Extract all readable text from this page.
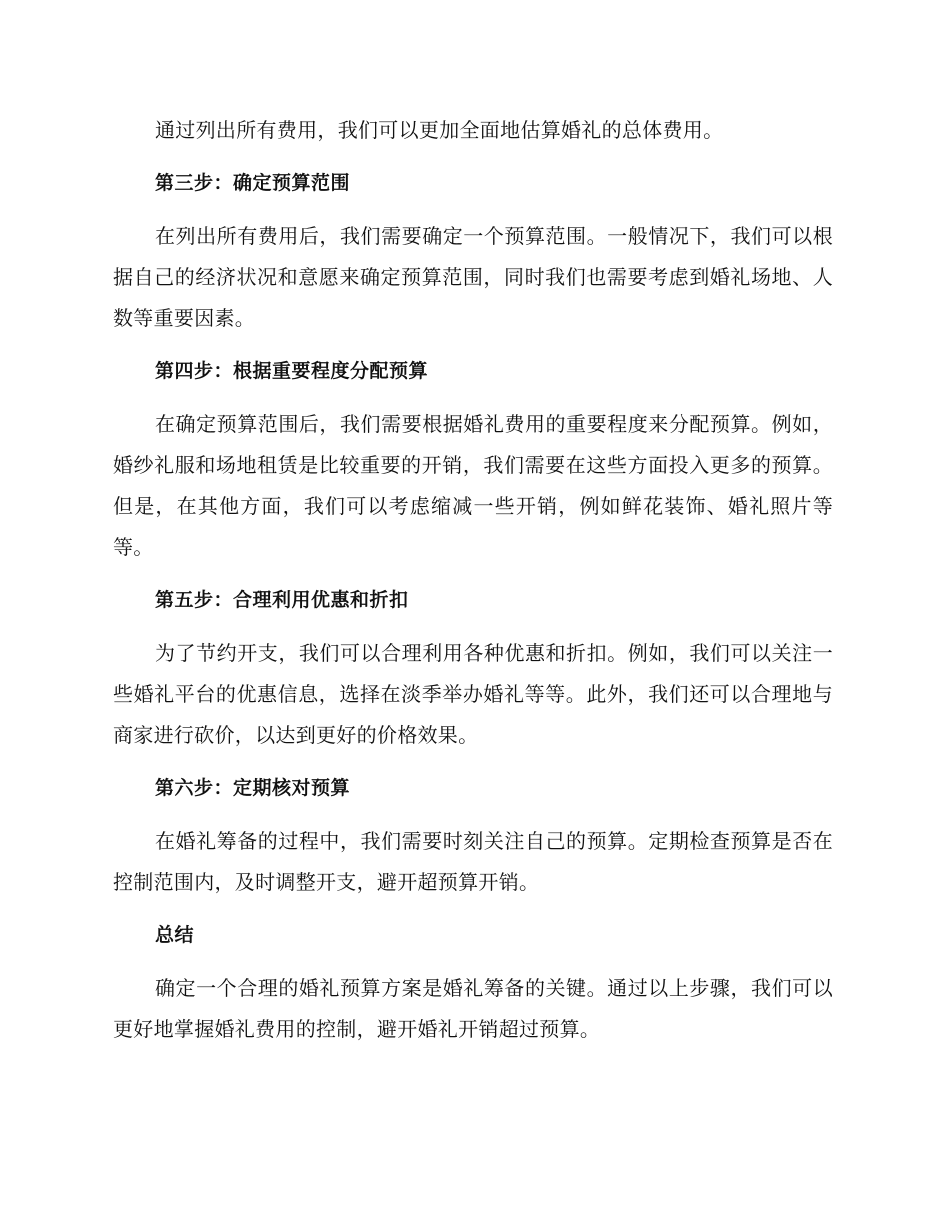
通过列出所有费用，我们可以更加全面地估算婚礼的总体费用。

第三步：确定预算范围

在列出所有费用后，我们需要确定一个预算范围。一般情况下，我们可以根据自己的经济状况和意愿来确定预算范围，同时我们也需要考虑到婚礼场地、人数等重要因素。

第四步：根据重要程度分配预算

在确定预算范围后，我们需要根据婚礼费用的重要程度来分配预算。例如，婚纱礼服和场地租赁是比较重要的开销，我们需要在这些方面投入更多的预算。但是，在其他方面，我们可以考虑缩减一些开销，例如鲜花装饰、婚礼照片等等。

第五步：合理利用优惠和折扣

为了节约开支，我们可以合理利用各种优惠和折扣。例如，我们可以关注一些婚礼平台的优惠信息，选择在淡季举办婚礼等等。此外，我们还可以合理地与商家进行砍价，以达到更好的价格效果。

第六步：定期核对预算

在婚礼筹备的过程中，我们需要时刻关注自己的预算。定期检查预算是否在控制范围内，及时调整开支，避开超预算开销。

总结

确定一个合理的婚礼预算方案是婚礼筹备的关键。通过以上步骤，我们可以更好地掌握婚礼费用的控制，避开婚礼开销超过预算。
